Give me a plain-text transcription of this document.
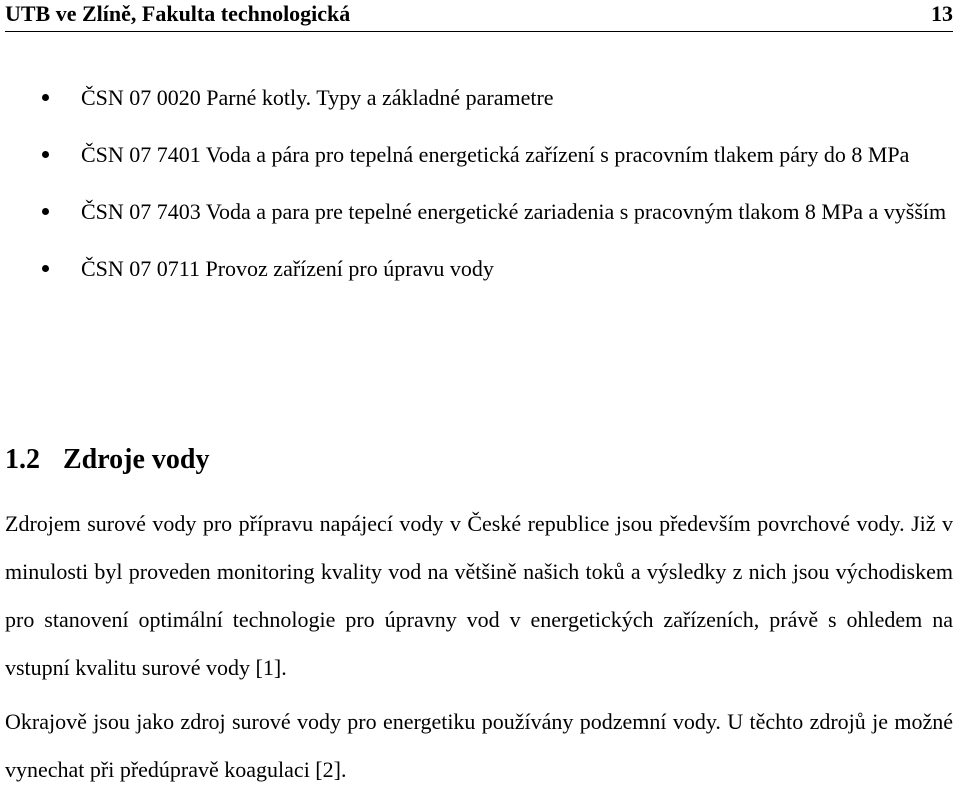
UTB ve Zlíně, Fakulta technologická	13
ČSN 07 0020 Parné kotly. Typy a základné parametre
ČSN 07 7401 Voda a pára pro tepelná energetická zařízení s pracovním tlakem páry do 8 MPa
ČSN 07 7403 Voda a para pre tepelné energetické zariadenia s pracovným tlakom 8 MPa a vyšším
ČSN 07 0711 Provoz zařízení pro úpravu vody
1.2 Zdroje vody

Zdrojem surové vody pro přípravu napájecí vody v České republice jsou především povrchové vody. Již v minulosti byl proveden monitoring kvality vod na většině našich toků a výsledky z nich jsou východiskem pro stanovení optimální technologie pro úpravny vod v energetických zařízeních, právě s ohledem na vstupní kvalitu surové vody [1].

Okrajově jsou jako zdroj surové vody pro energetiku používány podzemní vody. U těchto zdrojů je možné vynechat při předúpravě koagulaci [2].
